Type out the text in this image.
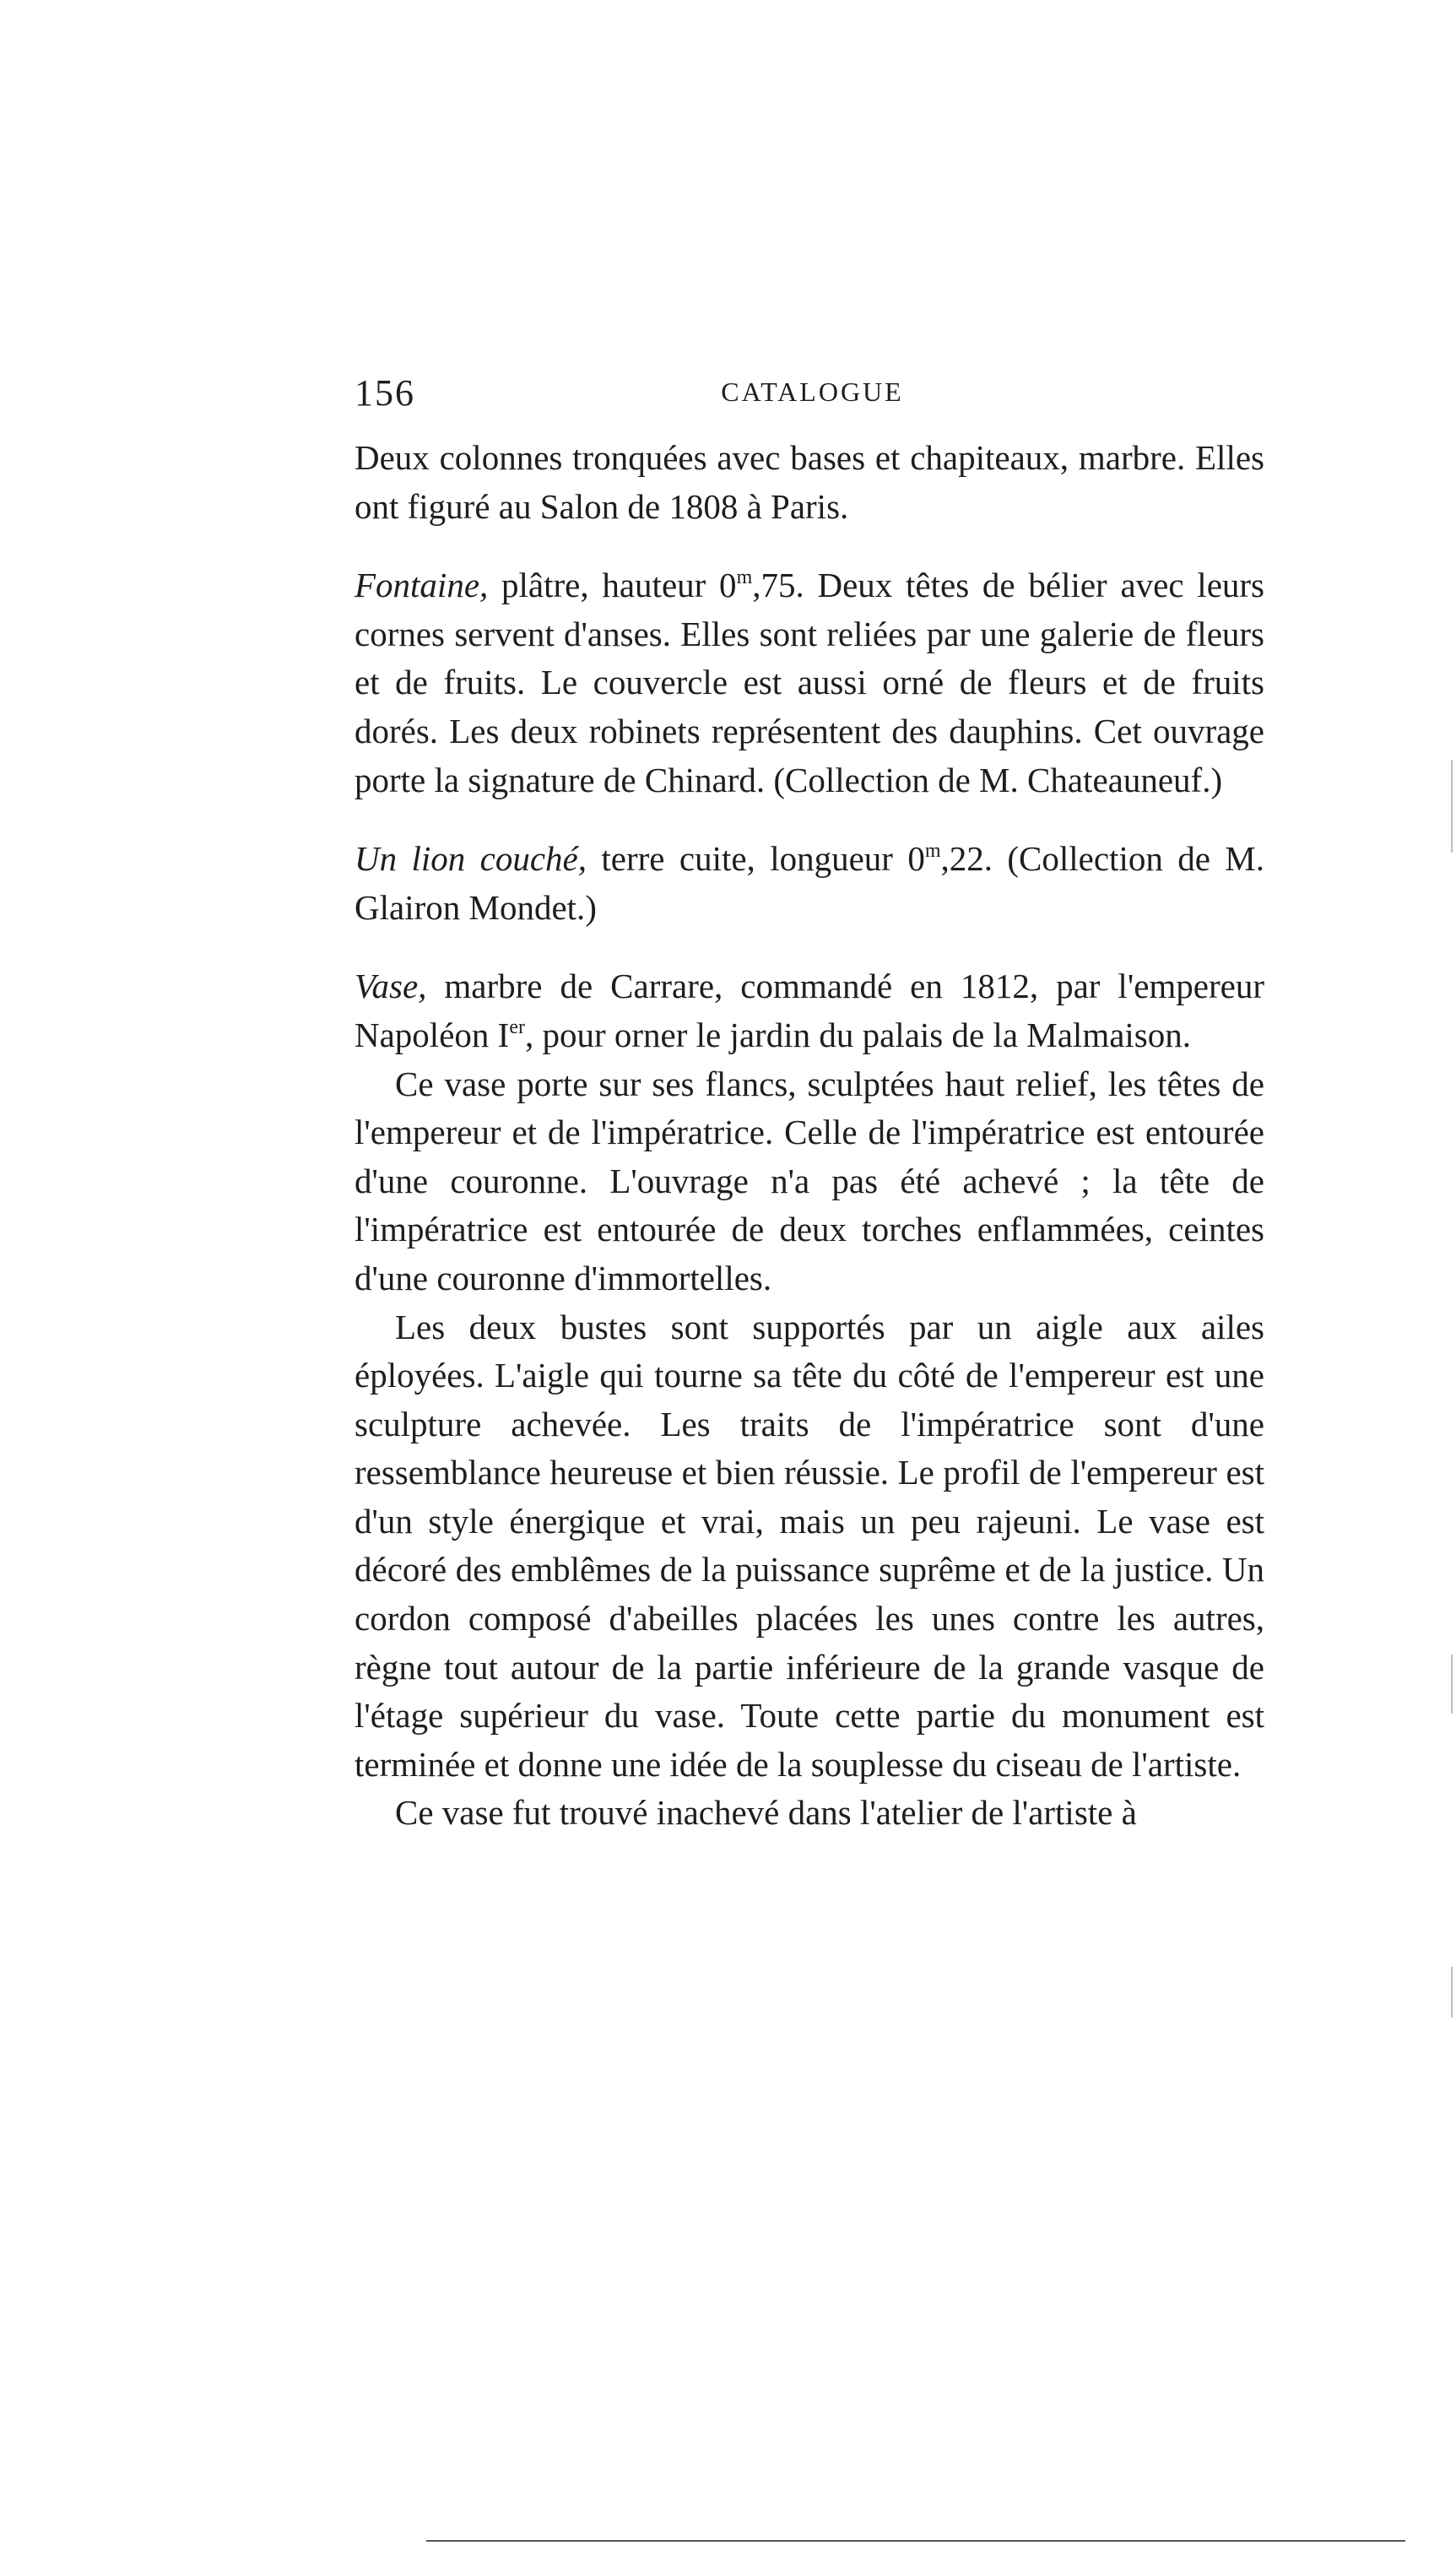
156	CATALOGUE

Deux colonnes tronquées avec bases et chapiteaux, marbre. Elles ont figuré au Salon de 1808 à Paris.

Fontaine, plâtre, hauteur 0$^m$,75. Deux têtes de bélier avec leurs cornes servent d'anses. Elles sont reliées par une galerie de fleurs et de fruits. Le couvercle est aussi orné de fleurs et de fruits dorés. Les deux robinets représentent des dauphins. Cet ouvrage porte la signature de Chinard. (Collection de M. Chateauneuf.)

Un lion couché, terre cuite, longueur 0$^m$,22. (Collection de M. Glairon Mondet.)

Vase, marbre de Carrare, commandé en 1812, par l'empereur Napoléon Ier, pour orner le jardin du palais de la Malmaison.

Ce vase porte sur ses flancs, sculptées haut relief, les têtes de l'empereur et de l'impératrice. Celle de l'impératrice est entourée d'une couronne. L'ouvrage n'a pas été achevé ; la tête de l'impératrice est entourée de deux torches enflammées, ceintes d'une couronne d'immortelles.

Les deux bustes sont supportés par un aigle aux ailes éployées. L'aigle qui tourne sa tête du côté de l'empereur est une sculpture achevée. Les traits de l'impératrice sont d'une ressemblance heureuse et bien réussie. Le profil de l'empereur est d'un style énergique et vrai, mais un peu rajeuni. Le vase est décoré des emblêmes de la puissance suprême et de la justice. Un cordon composé d'abeilles placées les unes contre les autres, règne tout autour de la partie inférieure de la grande vasque de l'étage supérieur du vase. Toute cette partie du monument est terminée et donne une idée de la souplesse du ciseau de l'artiste.

Ce vase fut trouvé inachevé dans l'atelier de l'artiste à
